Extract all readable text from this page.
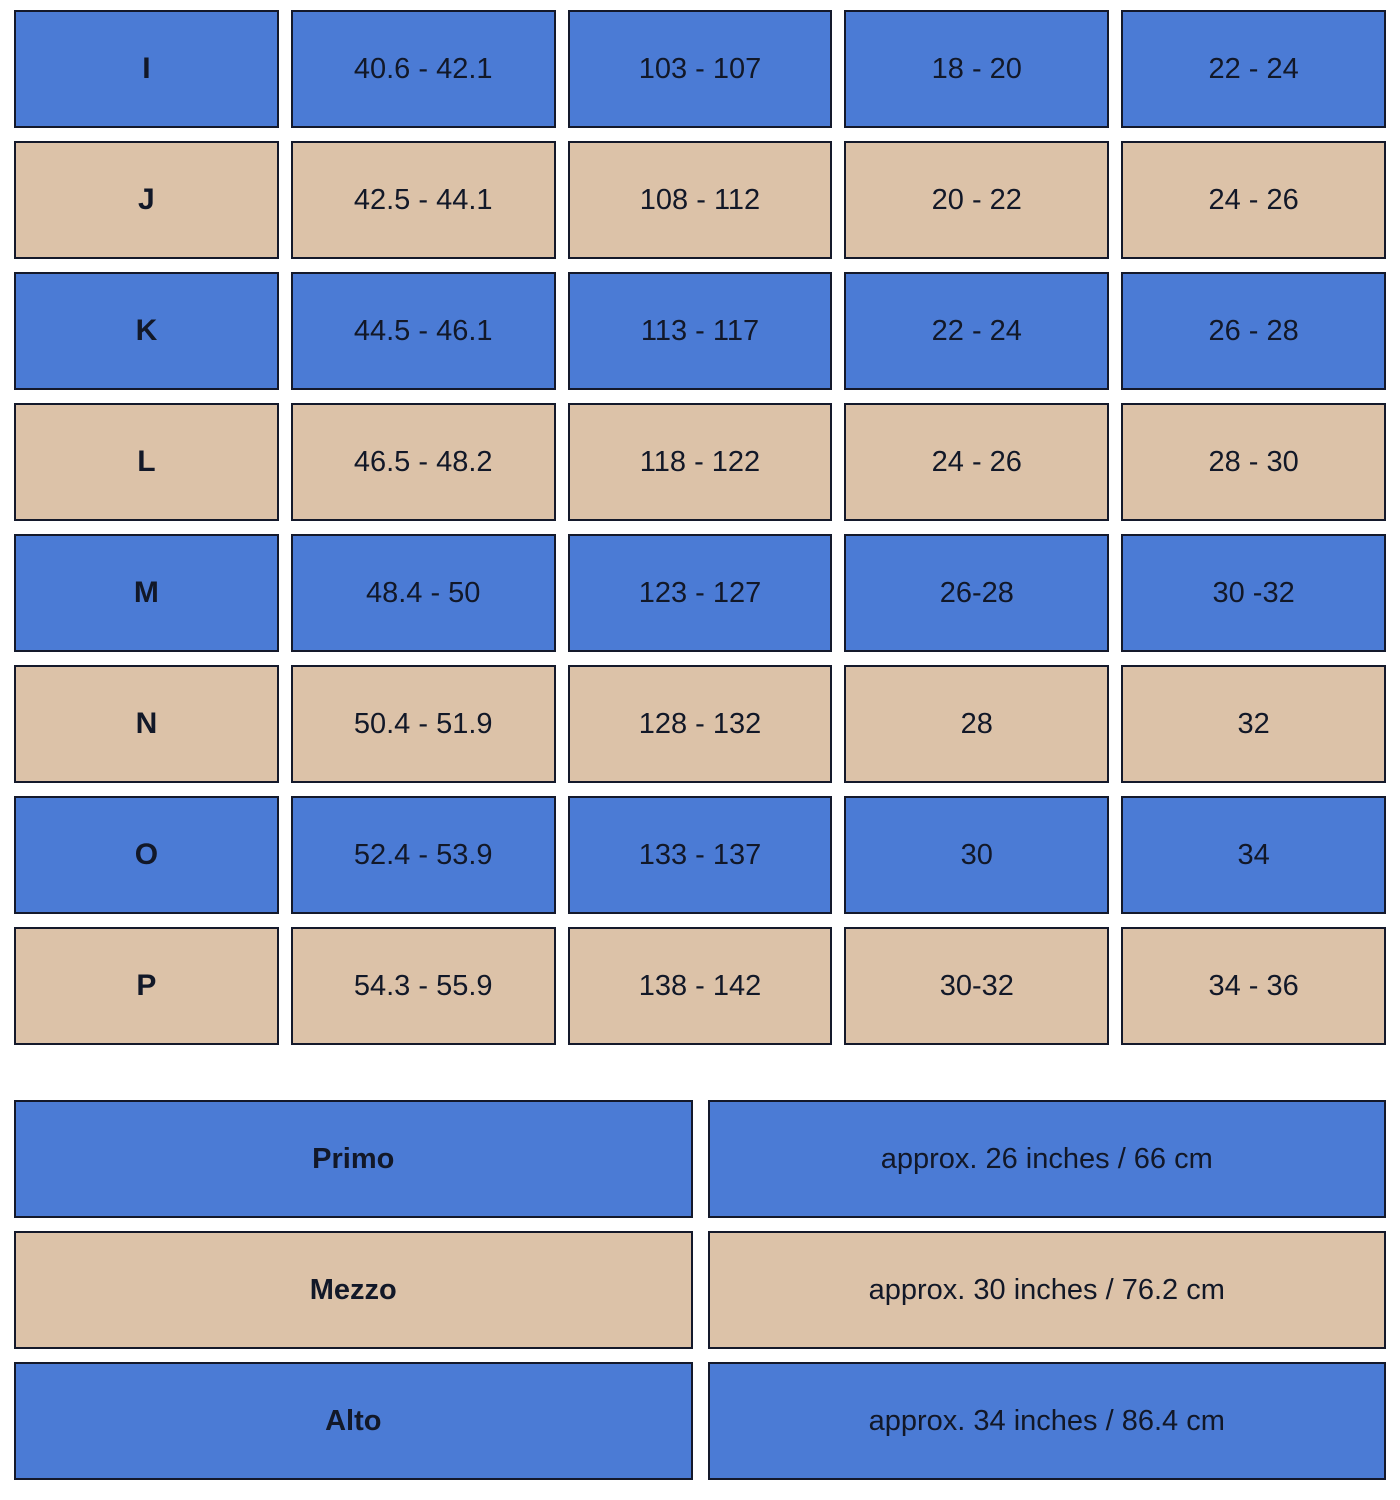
I	40.6 - 42.1	103 - 107	18 - 20	22 - 24
J	42.5 - 44.1	108 - 112	20 - 22	24 - 26
K	44.5 - 46.1	113 - 117	22 - 24	26 - 28
L	46.5 - 48.2	118 - 122	24 - 26	28 - 30
M	48.4 - 50	123 - 127	26-28	30 -32
N	50.4 - 51.9	128 - 132	28	32
O	52.4 - 53.9	133 - 137	30	34
P	54.3 - 55.9	138 - 142	30-32	34 - 36
Primo	approx. 26 inches / 66 cm
Mezzo	approx. 30 inches / 76.2 cm
Alto	approx. 34 inches / 86.4 cm
